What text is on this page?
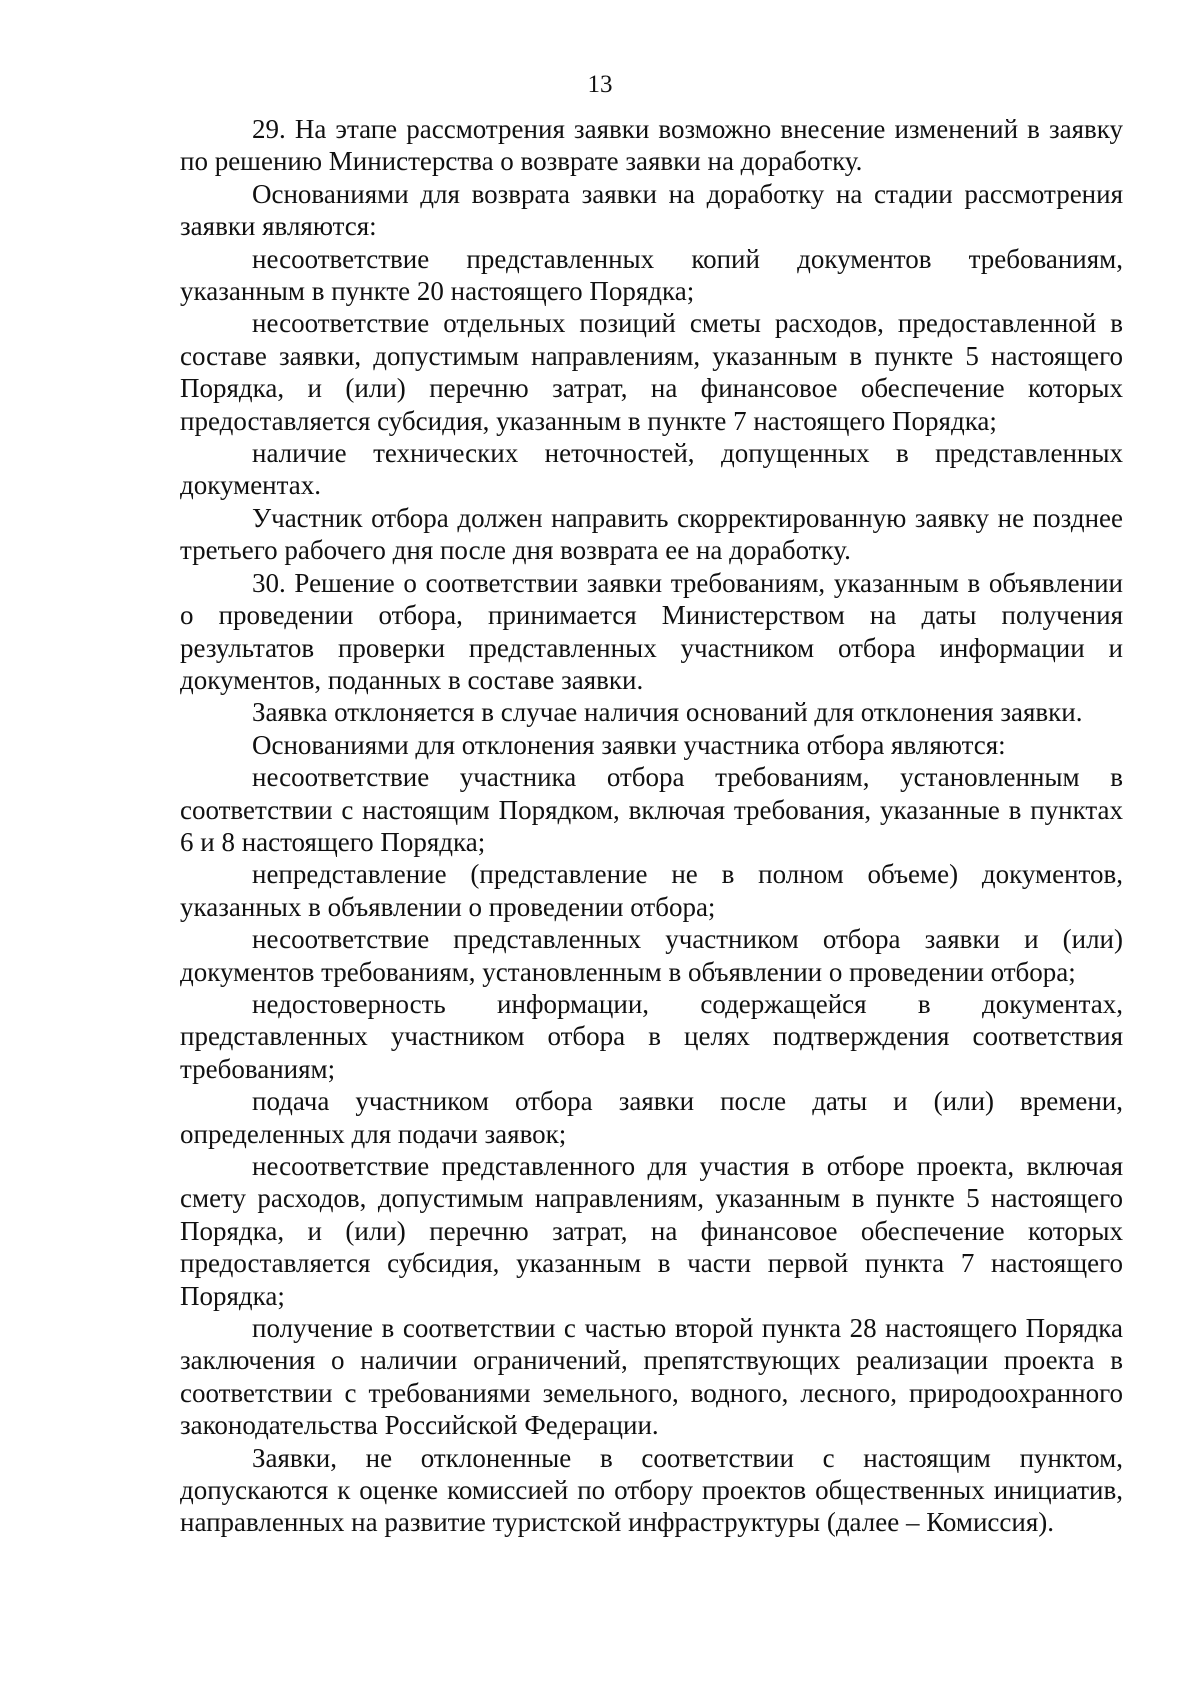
13

29. На этапе рассмотрения заявки возможно внесение изменений в заявку по решению Министерства о возврате заявки на доработку.

Основаниями для возврата заявки на доработку на стадии рассмотрения заявки являются:

несоответствие представленных копий документов требованиям, указанным в пункте 20 настоящего Порядка;

несоответствие отдельных позиций сметы расходов, предоставленной в составе заявки, допустимым направлениям, указанным в пункте 5 настоящего Порядка, и (или) перечню затрат, на финансовое обеспечение которых предоставляется субсидия, указанным в пункте 7 настоящего Порядка;

наличие технических неточностей, допущенных в представленных документах.

Участник отбора должен направить скорректированную заявку не позднее третьего рабочего дня после дня возврата ее на доработку.

30. Решение о соответствии заявки требованиям, указанным в объявлении о проведении отбора, принимается Министерством на даты получения результатов проверки представленных участником отбора информации и документов, поданных в составе заявки.

Заявка отклоняется в случае наличия оснований для отклонения заявки.

Основаниями для отклонения заявки участника отбора являются:

несоответствие участника отбора требованиям, установленным в соответствии с настоящим Порядком, включая требования, указанные в пунктах 6 и 8 настоящего Порядка;

непредставление (представление не в полном объеме) документов, указанных в объявлении о проведении отбора;

несоответствие представленных участником отбора заявки и (или) документов требованиям, установленным в объявлении о проведении отбора;

недостоверность информации, содержащейся в документах, представленных участником отбора в целях подтверждения соответствия требованиям;

подача участником отбора заявки после даты и (или) времени, определенных для подачи заявок;

несоответствие представленного для участия в отборе проекта, включая смету расходов, допустимым направлениям, указанным в пункте 5 настоящего Порядка, и (или) перечню затрат, на финансовое обеспечение которых предоставляется субсидия, указанным в части первой пункта 7 настоящего Порядка;

получение в соответствии с частью второй пункта 28 настоящего Порядка заключения о наличии ограничений, препятствующих реализации проекта в соответствии с требованиями земельного, водного, лесного, природоохранного законодательства Российской Федерации.

Заявки, не отклоненные в соответствии с настоящим пунктом, допускаются к оценке комиссией по отбору проектов общественных инициатив, направленных на развитие туристской инфраструктуры (далее – Комиссия).
